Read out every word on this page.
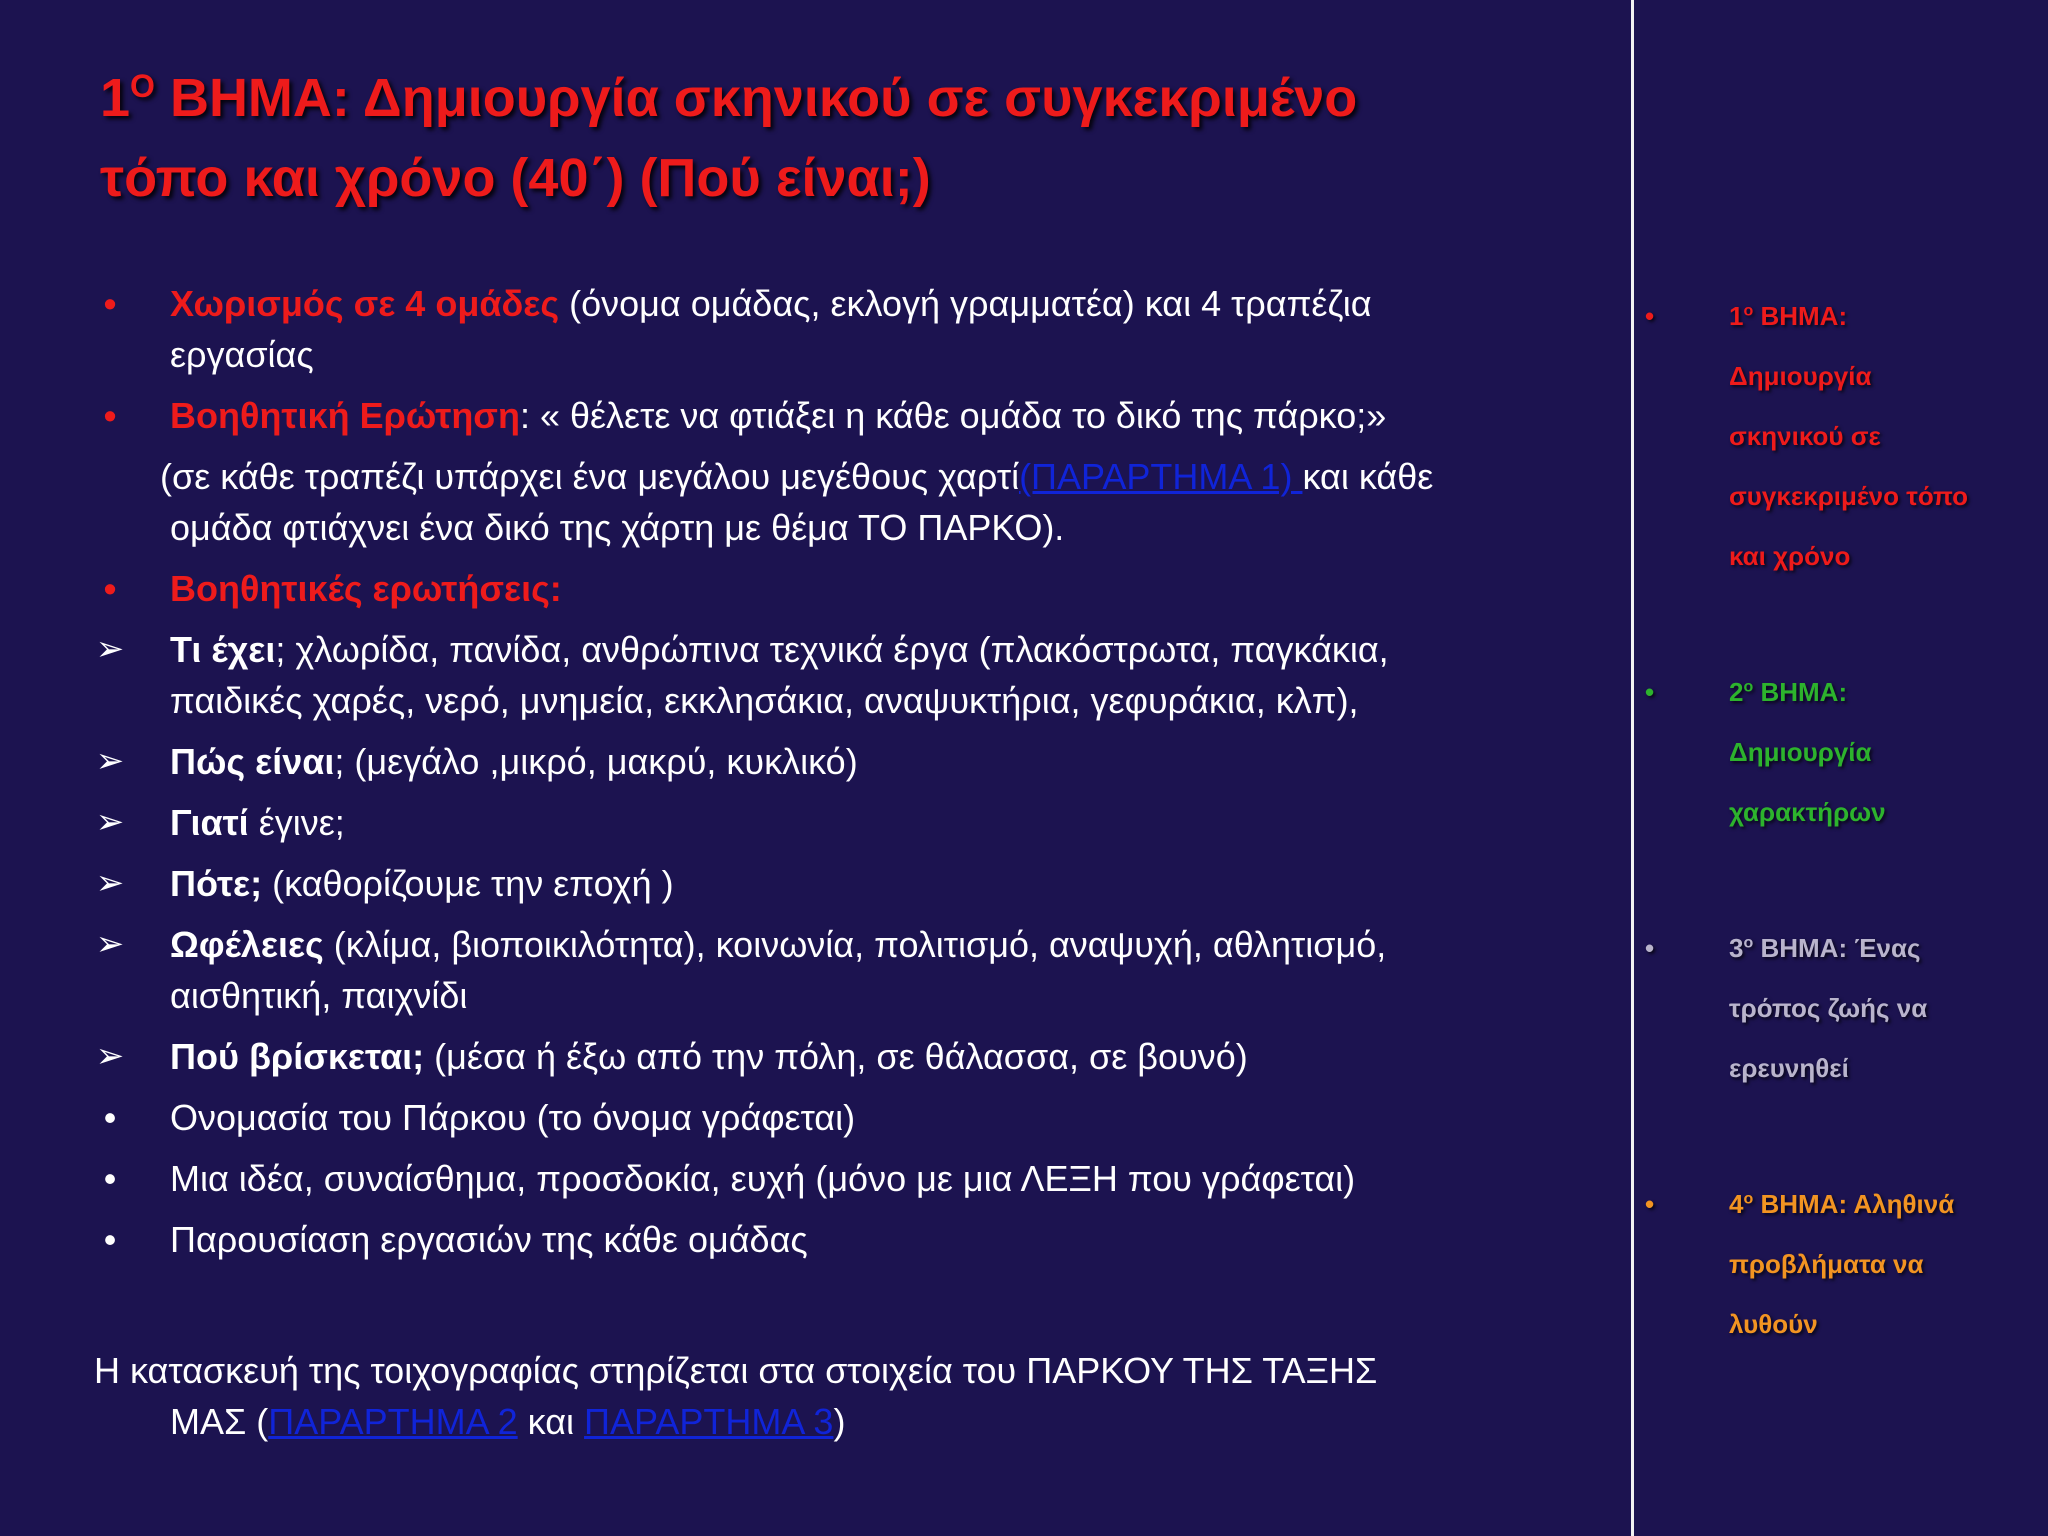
$1^O$ ΒΗΜΑ: Δημιουργία σκηνικού σε συγκεκριμένο
τόπο και χρόνο (40΄) (Πού είναι;)
•	Χωρισμός σε 4 ομάδες (όνομα ομάδας, εκλογή γραμματέα) και 4 τραπέζια εργασίας
•	Βοηθητική Ερώτηση: « θέλετε να φτιάξει η κάθε ομάδα το δικό της πάρκο;»
(σε κάθε τραπέζι υπάρχει ένα μεγάλου μεγέθους χαρτί(ΠΑΡΑΡΤΗΜΑ 1) και κάθε ομάδα φτιάχνει ένα δικό της χάρτη με θέμα ΤΟ ΠΑΡΚΟ).
•	Βοηθητικές ερωτήσεις:
➢ Τι έχει; χλωρίδα, πανίδα, ανθρώπινα τεχνικά έργα (πλακόστρωτα, παγκάκια, παιδικές χαρές, νερό, μνημεία, εκκλησάκια, αναψυκτήρια, γεφυράκια, κλπ),
➢ Πώς είναι; (μεγάλο ,μικρό, μακρύ, κυκλικό)
➢ Γιατί έγινε;
➢ Πότε; (καθορίζουμε την εποχή )
➢ Ωφέλειες (κλίμα, βιοποικιλότητα), κοινωνία, πολιτισμό, αναψυχή, αθλητισμό, αισθητική, παιχνίδι
➢ Πού βρίσκεται; (μέσα ή έξω από την πόλη, σε θάλασσα, σε βουνό)
•	Ονομασία του Πάρκου (το όνομα γράφεται)
•	Μια ιδέα, συναίσθημα, προσδοκία, ευχή (μόνο με μια ΛΕΞΗ που γράφεται)
•	Παρουσίαση εργασιών της κάθε ομάδας
Η κατασκευή της τοιχογραφίας στηρίζεται στα στοιχεία του ΠΑΡΚΟΥ ΤΗΣ ΤΑΞΗΣ
ΜΑΣ (ΠΑΡΑΡΤΗΜΑ 2 και ΠΑΡΑΡΤΗΜΑ 3)
•	$1^o$ ΒΗΜΑ:
Δημιουργία
σκηνικού σε
συγκεκριμένο τόπο
και χρόνο
•	$2^o$ ΒΗΜΑ:
Δημιουργία
χαρακτήρων
•	$3^o$ ΒΗΜΑ: Ένας
τρόπος ζωής να
ερευνηθεί
•	$4^o$ ΒΗΜΑ: Αληθινά
προβλήματα να
λυθούν
